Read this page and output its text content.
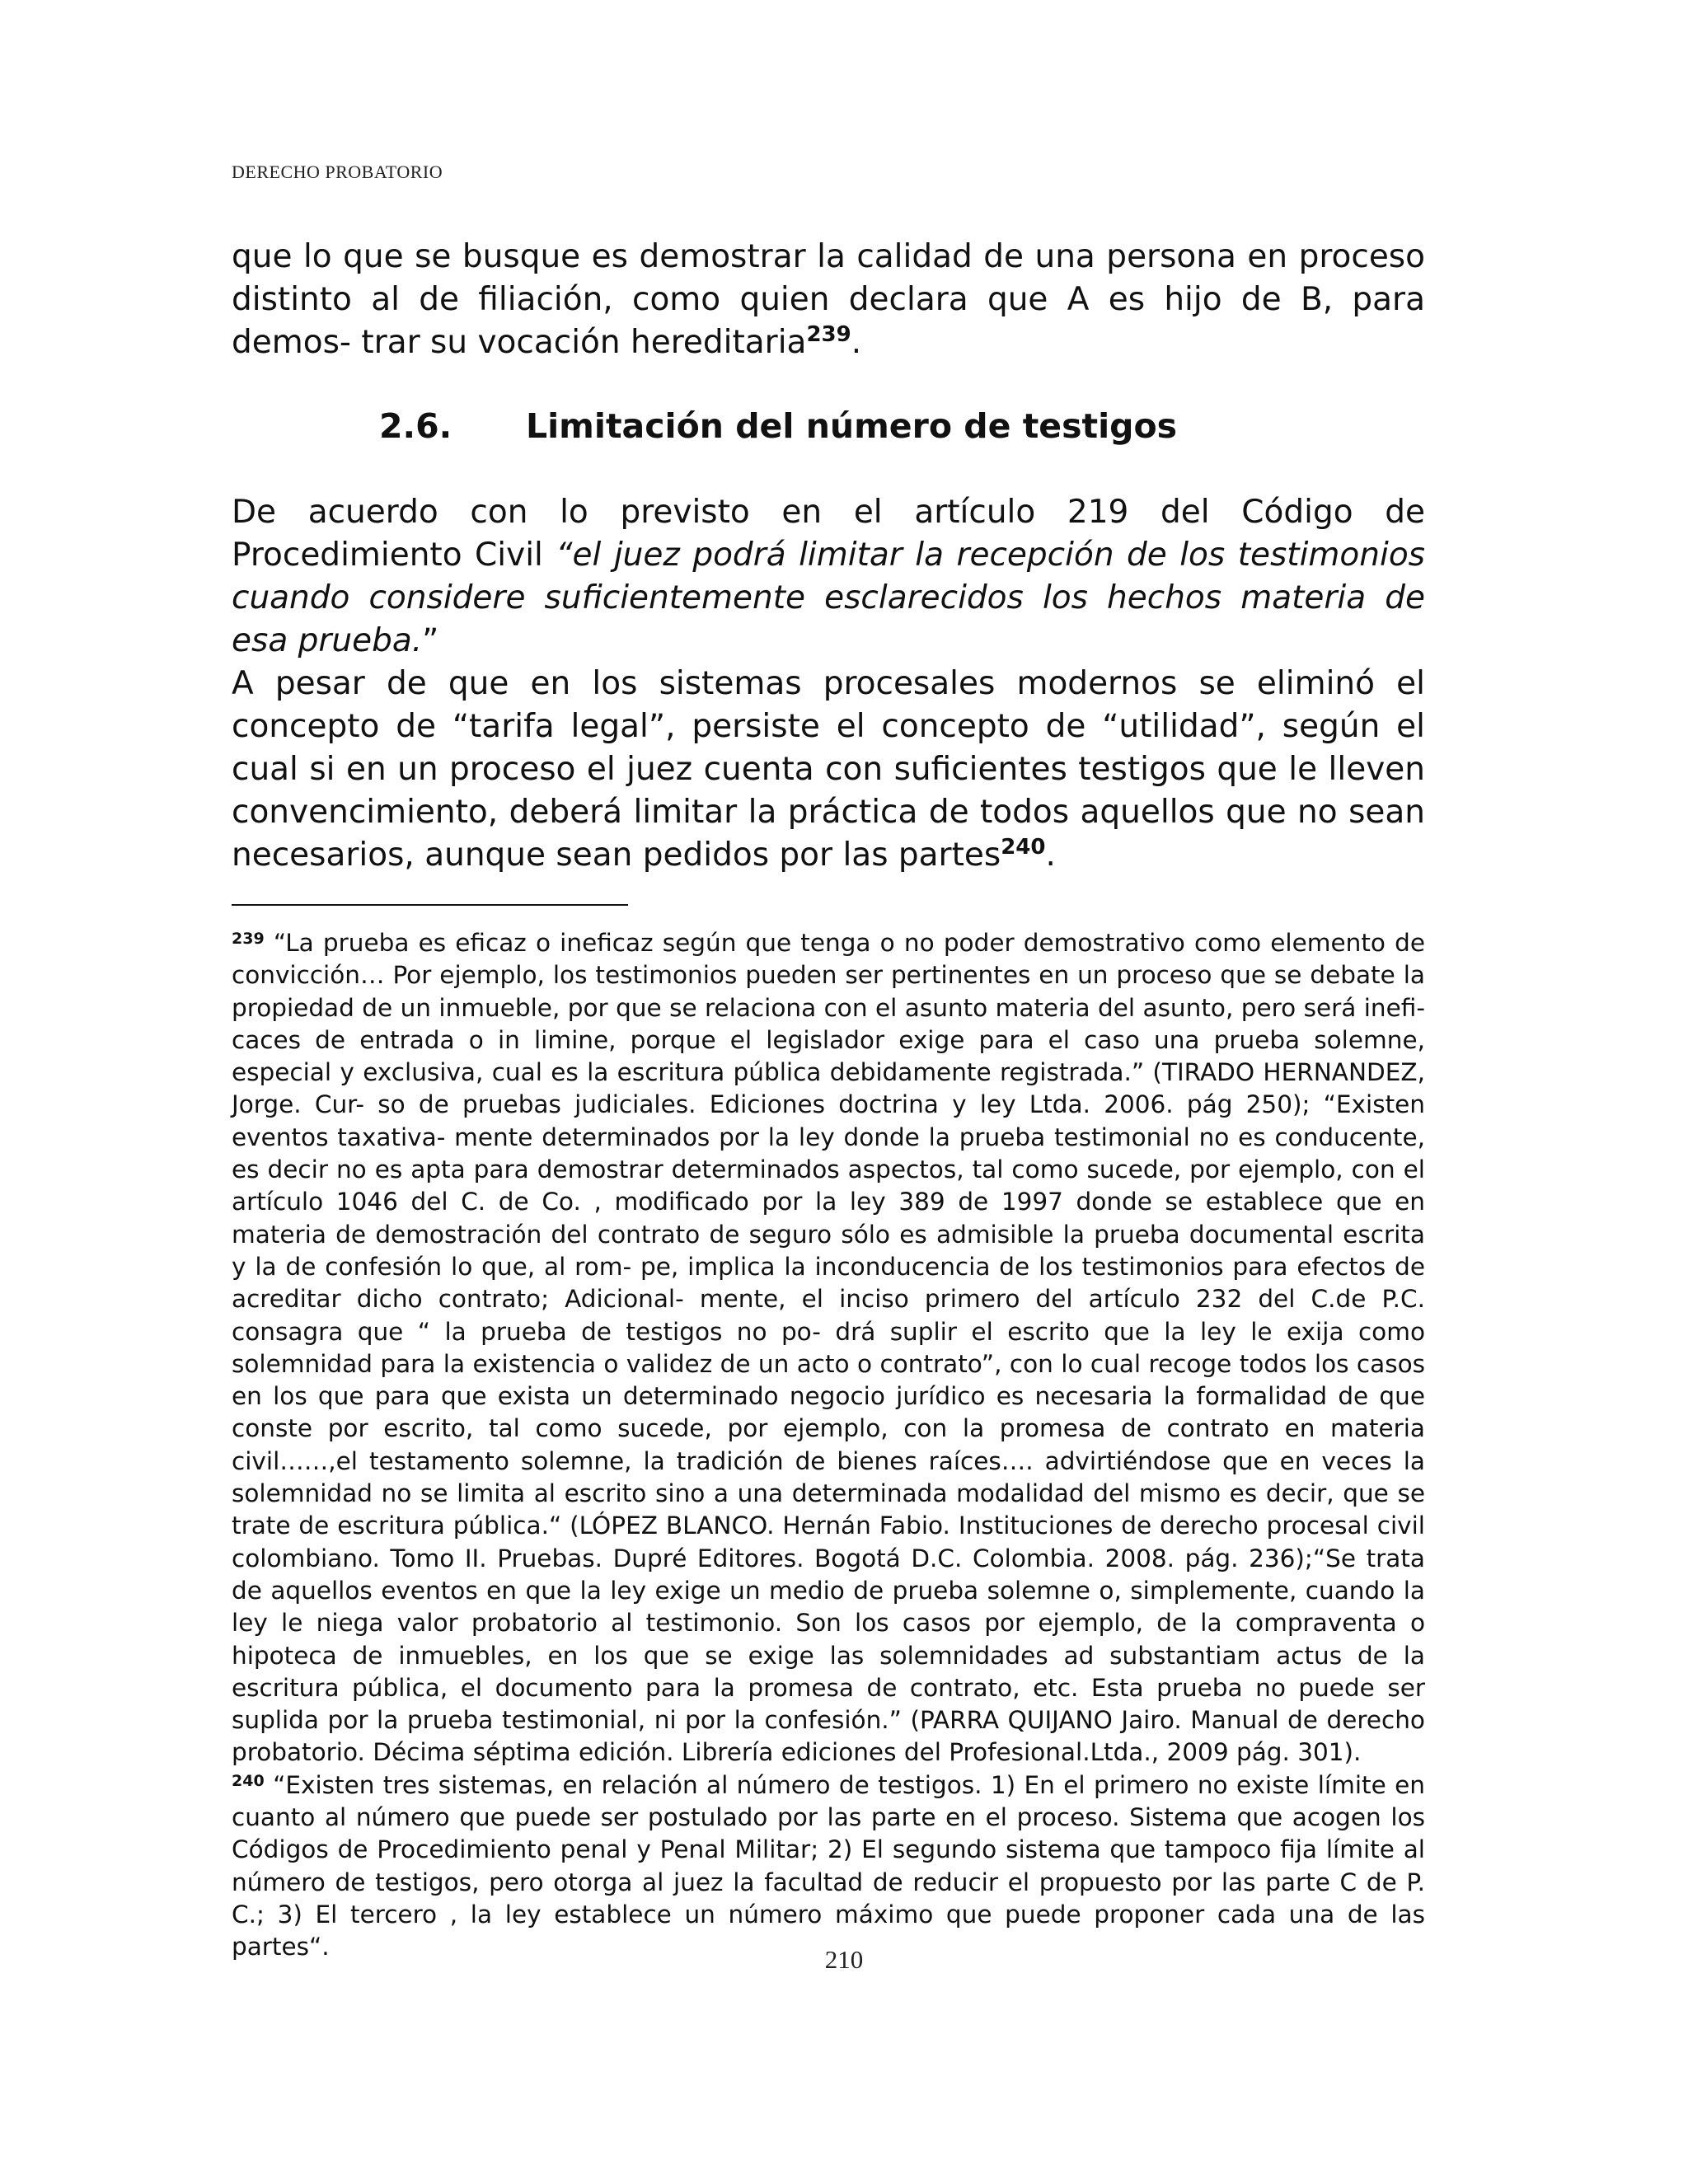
DERECHO PROBATORIO
que lo que se busque es demostrar la calidad de una persona en proceso distinto al de filiación, como quien declara que A es hijo de B, para demos- trar su vocación hereditaria$^{239}$.
2.6. Limitación del número de testigos
De acuerdo con lo previsto en el artículo 219 del Código de Procedimiento Civil “el juez podrá limitar la recepción de los testimonios cuando considere suficientemente esclarecidos los hechos materia de esa prueba.”
A pesar de que en los sistemas procesales modernos se eliminó el concepto de “tarifa legal”, persiste el concepto de “utilidad”, según el cual si en un proceso el juez cuenta con suficientes testigos que le lleven convencimiento, deberá limitar la práctica de todos aquellos que no sean necesarios, aunque sean pedidos por las partes$^{240}$.

$^{239}$ “La prueba es eficaz o ineficaz según que tenga o no poder demostrativo como elemento de convicción… Por ejemplo, los testimonios pueden ser pertinentes en un proceso que se debate la propiedad de un inmueble, por que se relaciona con el asunto materia del asunto, pero será inefi- caces de entrada o in limine, porque el legislador exige para el caso una prueba solemne, especial y exclusiva, cual es la escritura pública debidamente registrada.” (TIRADO HERNANDEZ, Jorge. Cur- so de pruebas judiciales. Ediciones doctrina y ley Ltda. 2006. pág 250); “Existen eventos taxativa- mente determinados por la ley donde la prueba testimonial no es conducente, es decir no es apta para demostrar determinados aspectos, tal como sucede, por ejemplo, con el artículo 1046 del C. de Co. , modificado por la ley 389 de 1997 donde se establece que en materia de demostración del contrato de seguro sólo es admisible la prueba documental escrita y la de confesión lo que, al rom- pe, implica la inconducencia de los testimonios para efectos de acreditar dicho contrato; Adicional- mente, el inciso primero del artículo 232 del C.de P.C. consagra que “ la prueba de testigos no po- drá suplir el escrito que la ley le exija como solemnidad para la existencia o validez de un acto o contrato”, con lo cual recoge todos los casos en los que para que exista un determinado negocio jurídico es necesaria la formalidad de que conste por escrito, tal como sucede, por ejemplo, con la promesa de contrato en materia civil……,el testamento solemne, la tradición de bienes raíces…. advirtiéndose que en veces la solemnidad no se limita al escrito sino a una determinada modalidad del mismo es decir, que se trate de escritura pública.“ (LÓPEZ BLANCO. Hernán Fabio. Instituciones de derecho procesal civil colombiano. Tomo II. Pruebas. Dupré Editores. Bogotá D.C. Colombia. 2008. pág. 236);“Se trata de aquellos eventos en que la ley exige un medio de prueba solemne o, simplemente, cuando la ley le niega valor probatorio al testimonio. Son los casos por ejemplo, de la compraventa o hipoteca de inmuebles, en los que se exige las solemnidades ad substantiam actus de la escritura pública, el documento para la promesa de contrato, etc. Esta prueba no puede ser suplida por la prueba testimonial, ni por la confesión.” (PARRA QUIJANO Jairo. Manual de derecho probatorio. Décima séptima edición. Librería ediciones del Profesional.Ltda., 2009 pág. 301).

$^{240}$ “Existen tres sistemas, en relación al número de testigos. 1) En el primero no existe límite en cuanto al número que puede ser postulado por las parte en el proceso. Sistema que acogen los Códigos de Procedimiento penal y Penal Militar; 2) El segundo sistema que tampoco fija límite al número de testigos, pero otorga al juez la facultad de reducir el propuesto por las parte C de P. C.; 3) El tercero , la ley establece un número máximo que puede proponer cada una de las partes“.	210
